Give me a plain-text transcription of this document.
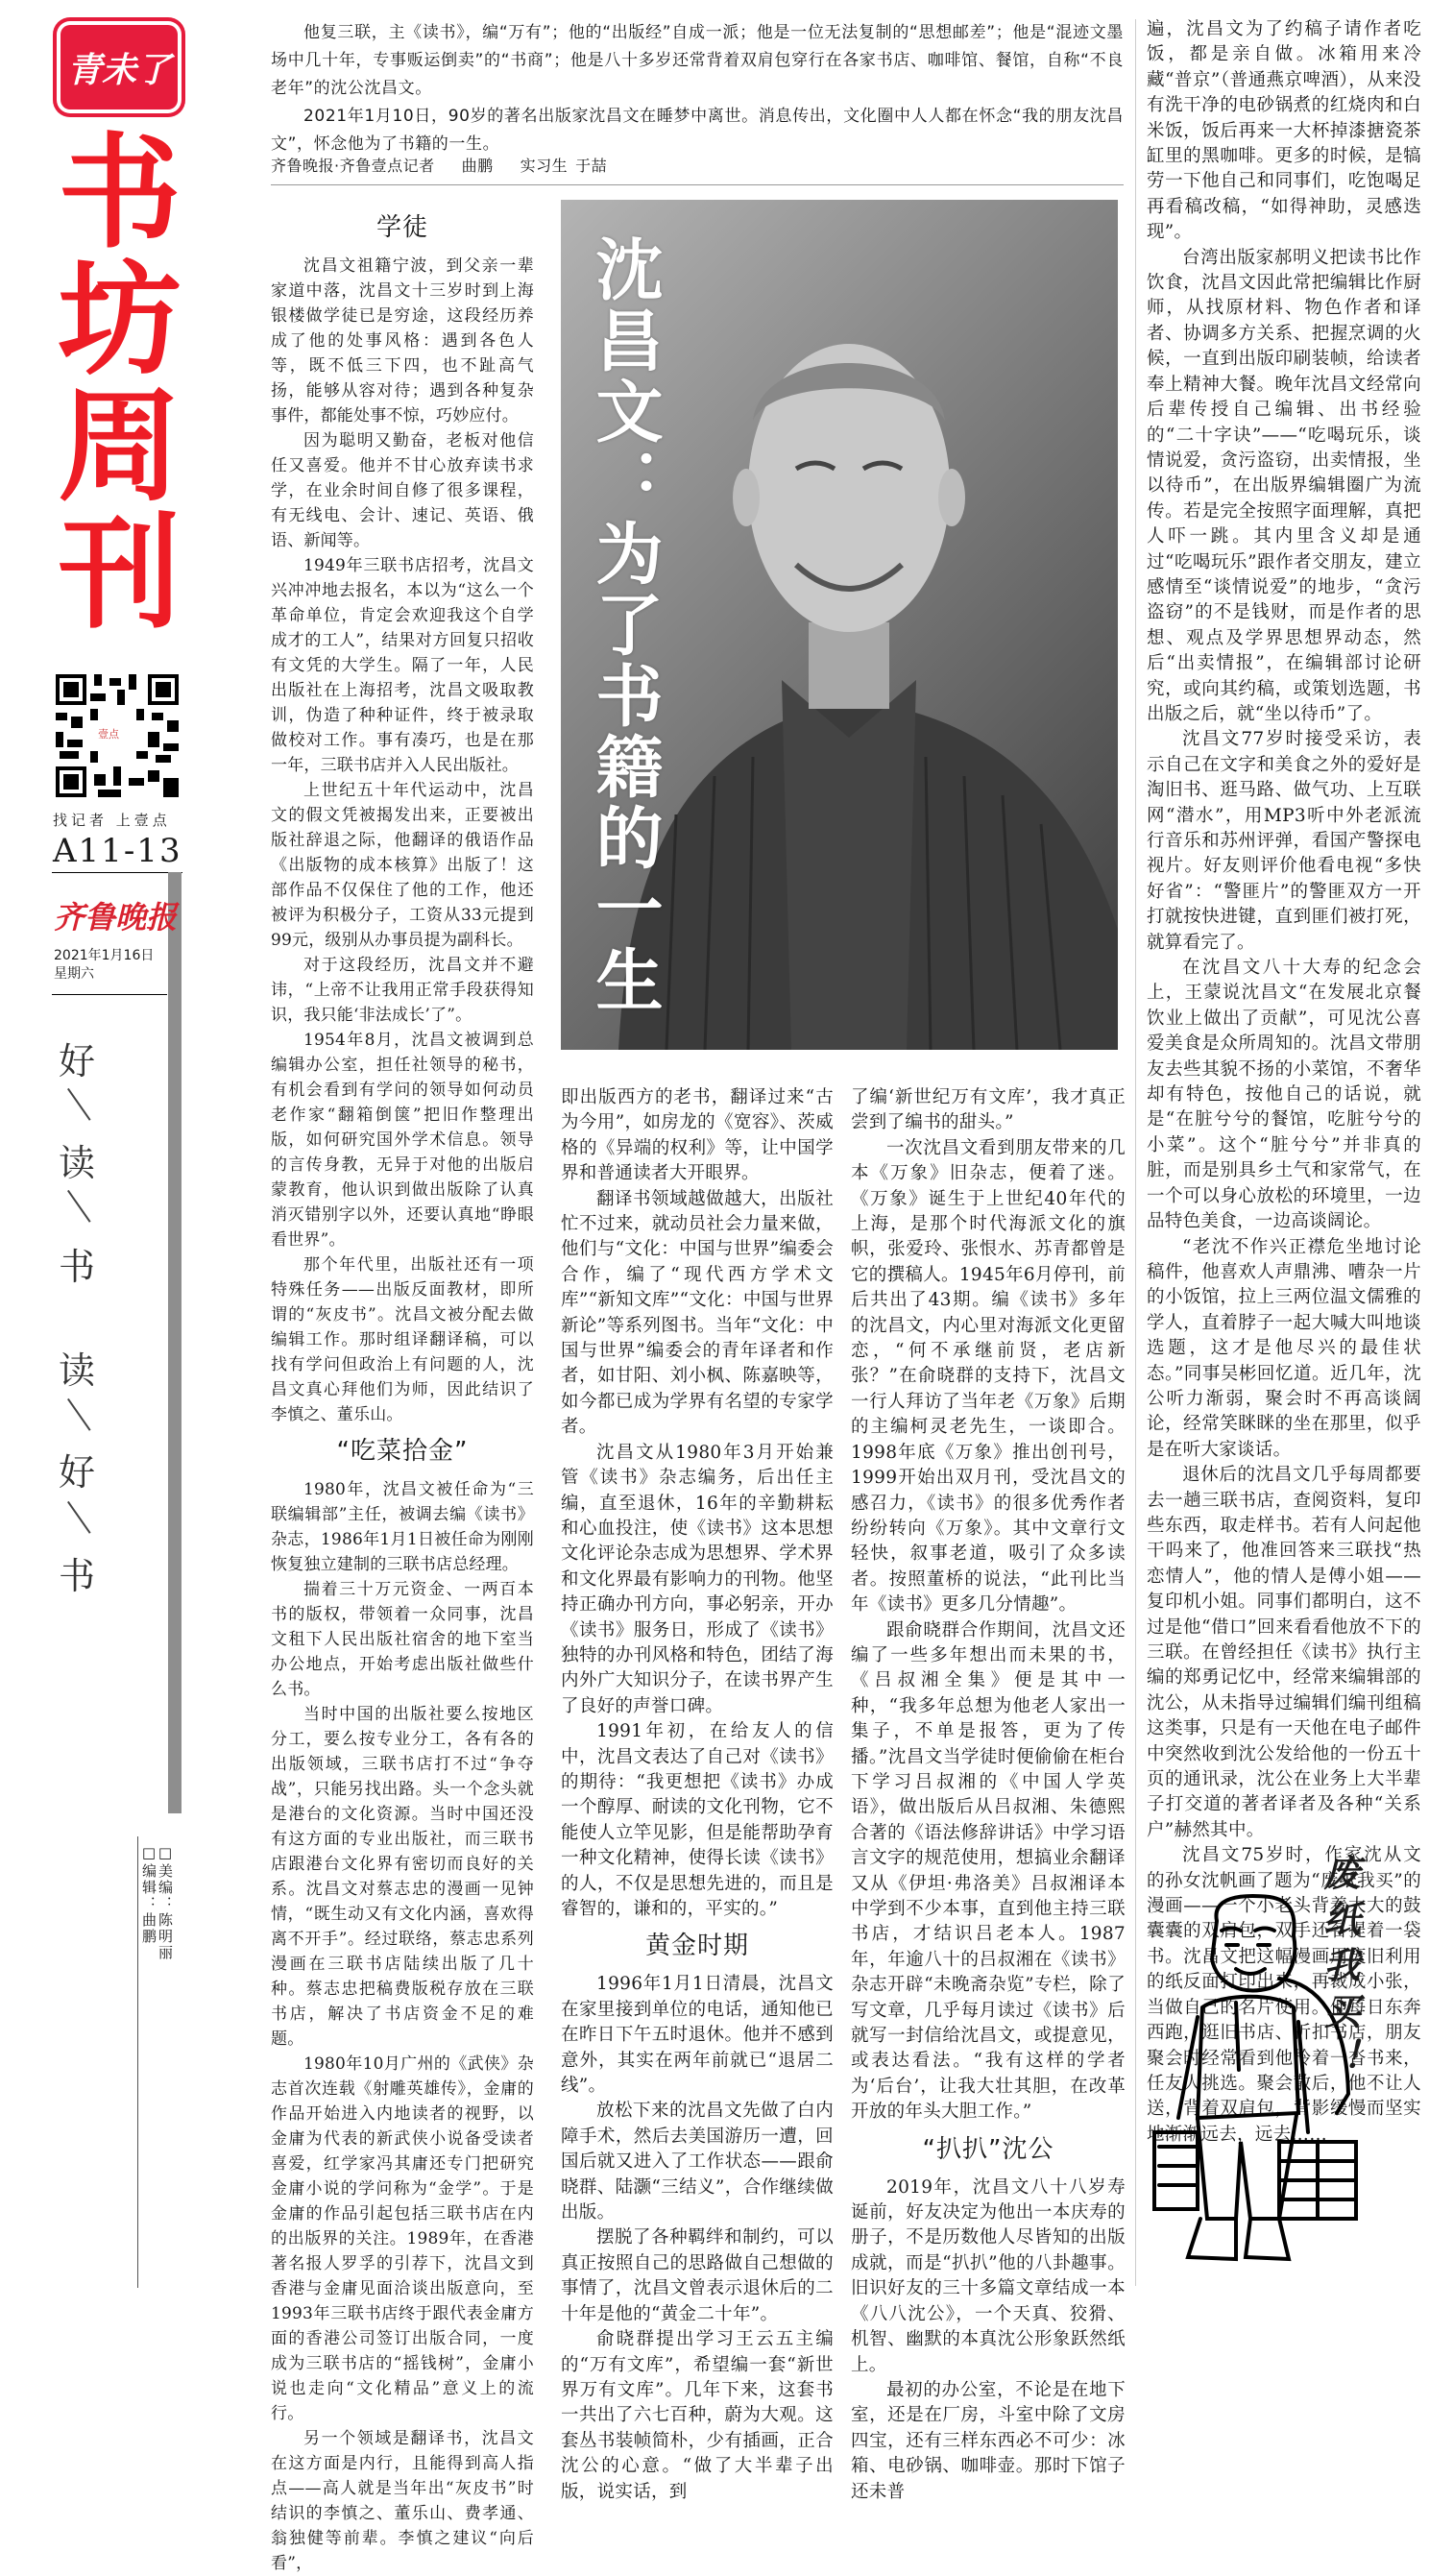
青未了
书
坊
周
刊
壹点
找记者 上壹点
A11-13
齐鲁晚报
2021年1月16日
星期六
好
读
书
读
好
书
□美编：陈明丽
□编辑：曲鹏

他复三联，主《读书》，编“万有”；他的“出版经”自成一派；他是一位无法复制的“思想邮差”；他是“混迹文墨场中几十年，专事贩运倒卖”的“书商”；他是八十多岁还常背着双肩包穿行在各家书店、咖啡馆、餐馆，自称“不良老年”的沈公沈昌文。

2021年1月10日，90岁的著名出版家沈昌文在睡梦中离世。消息传出，文化圈中人人都在怀念“我的朋友沈昌文”，怀念他为了书籍的一生。

齐鲁晚报·齐鲁壹点记者 曲鹏 实习生 于喆
沈昌文：为了书籍的一生
学徒

沈昌文祖籍宁波，到父亲一辈家道中落，沈昌文十三岁时到上海银楼做学徒已是穷途，这段经历养成了他的处事风格：遇到各色人等，既不低三下四，也不趾高气扬，能够从容对待；遇到各种复杂事件，都能处事不惊，巧妙应付。

因为聪明又勤奋，老板对他信任又喜爱。他并不甘心放弃读书求学，在业余时间自修了很多课程，有无线电、会计、速记、英语、俄语、新闻等。

1949年三联书店招考，沈昌文兴冲冲地去报名，本以为“这么一个革命单位，肯定会欢迎我这个自学成才的工人”，结果对方回复只招收有文凭的大学生。隔了一年，人民出版社在上海招考，沈昌文吸取教训，伪造了种种证件，终于被录取做校对工作。事有凑巧，也是在那一年，三联书店并入人民出版社。

上世纪五十年代运动中，沈昌文的假文凭被揭发出来，正要被出版社辞退之际，他翻译的俄语作品《出版物的成本核算》出版了！这部作品不仅保住了他的工作，他还被评为积极分子，工资从33元提到99元，级别从办事员提为副科长。

对于这段经历，沈昌文并不避讳，“上帝不让我用正常手段获得知识，我只能‘非法成长’了”。

1954年8月，沈昌文被调到总编辑办公室，担任社领导的秘书，有机会看到有学问的领导如何动员老作家“翻箱倒箧”把旧作整理出版，如何研究国外学术信息。领导的言传身教，无异于对他的出版启蒙教育，他认识到做出版除了认真消灭错别字以外，还要认真地“睁眼看世界”。

那个年代里，出版社还有一项特殊任务——出版反面教材，即所谓的“灰皮书”。沈昌文被分配去做编辑工作。那时组译翻译稿，可以找有学问但政治上有问题的人，沈昌文真心拜他们为师，因此结识了李慎之、董乐山。

“吃菜拾金”

1980年，沈昌文被任命为“三联编辑部”主任，被调去编《读书》杂志，1986年1月1日被任命为刚刚恢复独立建制的三联书店总经理。

揣着三十万元资金、一两百本书的版权，带领着一众同事，沈昌文租下人民出版社宿舍的地下室当办公地点，开始考虑出版社做些什么书。

当时中国的出版社要么按地区分工，要么按专业分工，各有各的出版领域，三联书店打不过“争夺战”，只能另找出路。头一个念头就是港台的文化资源。当时中国还没有这方面的专业出版社，而三联书店跟港台文化界有密切而良好的关系。沈昌文对蔡志忠的漫画一见钟情，“既生动又有文化内涵，喜欢得离不开手”。经过联络，蔡志忠系列漫画在三联书店陆续出版了几十种。蔡志忠把稿费版税存放在三联书店，解决了书店资金不足的难题。

1980年10月广州的《武侠》杂志首次连载《射雕英雄传》，金庸的作品开始进入内地读者的视野，以金庸为代表的新武侠小说备受读者喜爱，红学家冯其庸还专门把研究金庸小说的学问称为“金学”。于是金庸的作品引起包括三联书店在内的出版界的关注。1989年，在香港著名报人罗孚的引荐下，沈昌文到香港与金庸见面洽谈出版意向，至1993年三联书店终于跟代表金庸方面的香港公司签订出版合同，一度成为三联书店的“摇钱树”，金庸小说也走向“文化精品”意义上的流行。

另一个领域是翻译书，沈昌文在这方面是内行，且能得到高人指点——高人就是当年出“灰皮书”时结识的李慎之、董乐山、费孝通、翁独健等前辈。李慎之建议“向后看”，

即出版西方的老书，翻译过来“古为今用”，如房龙的《宽容》、茨威格的《异端的权利》等，让中国学界和普通读者大开眼界。

翻译书领域越做越大，出版社忙不过来，就动员社会力量来做，他们与“文化：中国与世界”编委会合作，编了“现代西方学术文库”“新知文库”“文化：中国与世界新论”等系列图书。当年“文化：中国与世界”编委会的青年译者和作者，如甘阳、刘小枫、陈嘉映等，如今都已成为学界有名望的专家学者。

沈昌文从1980年3月开始兼管《读书》杂志编务，后出任主编，直至退休，16年的辛勤耕耘和心血投注，使《读书》这本思想文化评论杂志成为思想界、学术界和文化界最有影响力的刊物。他坚持正确办刊方向，事必躬亲，开办《读书》服务日，形成了《读书》独特的办刊风格和特色，团结了海内外广大知识分子，在读书界产生了良好的声誉口碑。

1991年初，在给友人的信中，沈昌文表达了自己对《读书》的期待：“我更想把《读书》办成一个醇厚、耐读的文化刊物，它不能使人立竿见影，但是能帮助孕育一种文化精神，使得长读《读书》的人，不仅是思想先进的，而且是睿智的，谦和的，平实的。”

黄金时期

1996年1月1日清晨，沈昌文在家里接到单位的电话，通知他已在昨日下午五时退休。他并不感到意外，其实在两年前就已“退居二线”。

放松下来的沈昌文先做了白内障手术，然后去美国游历一遭，回国后就又进入了工作状态——跟俞晓群、陆灏“三结义”，合作继续做出版。

摆脱了各种羁绊和制约，可以真正按照自己的思路做自己想做的事情了，沈昌文曾表示退休后的二十年是他的“黄金二十年”。

俞晓群提出学习王云五主编的“万有文库”，希望编一套“新世界万有文库”。几年下来，这套书一共出了六七百种，蔚为大观。这套丛书装帧简朴，少有插画，正合沈公的心意。“做了大半辈子出版，说实话，到

了编‘新世纪万有文库’，我才真正尝到了编书的甜头。”

一次沈昌文看到朋友带来的几本《万象》旧杂志，便着了迷。《万象》诞生于上世纪40年代的上海，是那个时代海派文化的旗帜，张爱玲、张恨水、苏青都曾是它的撰稿人。1945年6月停刊，前后共出了43期。编《读书》多年的沈昌文，内心里对海派文化更留恋，“何不承继前贤，老店新张？”在俞晓群的支持下，沈昌文一行人拜访了当年老《万象》后期的主编柯灵老先生，一谈即合。1998年底《万象》推出创刊号，1999开始出双月刊，受沈昌文的感召力，《读书》的很多优秀作者纷纷转向《万象》。其中文章行文轻快，叙事老道，吸引了众多读者。按照董桥的说法，“此刊比当年《读书》更多几分情趣”。

跟俞晓群合作期间，沈昌文还编了一些多年想出而未果的书，《吕叔湘全集》便是其中一种，“我多年总想为他老人家出一集子，不单是报答，更为了传播。”沈昌文当学徒时便偷偷在柜台下学习吕叔湘的《中国人学英语》，做出版后从吕叔湘、朱德熙合著的《语法修辞讲话》中学习语言文字的规范使用，想搞业余翻译又从《伊坦·弗洛美》吕叔湘译本中学到不少本事，直到他主持三联书店，才结识吕老本人。1987年，年逾八十的吕叔湘在《读书》杂志开辟“未晚斋杂览”专栏，除了写文章，几乎每月读过《读书》后就写一封信给沈昌文，或提意见，或表达看法。“我有这样的学者为‘后台’，让我大壮其胆，在改革开放的年头大胆工作。”

“扒扒”沈公

2019年，沈昌文八十八岁寿诞前，好友决定为他出一本庆寿的册子，不是历数他人尽皆知的出版成就，而是“扒扒”他的八卦趣事。旧识好友的三十多篇文章结成一本《八八沈公》，一个天真、狡猾、机智、幽默的本真沈公形象跃然纸上。

最初的办公室，不论是在地下室，还是在厂房，斗室中除了文房四宝，还有三样东西必不可少：冰箱、电砂锅、咖啡壶。那时下馆子还未普

遍，沈昌文为了约稿子请作者吃饭，都是亲自做。冰箱用来冷藏“普京”（普通燕京啤酒），从来没有洗干净的电砂锅煮的红烧肉和白米饭，饭后再来一大杯掉漆搪瓷茶缸里的黑咖啡。更多的时候，是犒劳一下他自己和同事们，吃饱喝足再看稿改稿，“如得神助，灵感迭现”。

台湾出版家郝明义把读书比作饮食，沈昌文因此常把编辑比作厨师，从找原材料、物色作者和译者、协调多方关系、把握烹调的火候，一直到出版印刷装帧，给读者奉上精神大餐。晚年沈昌文经常向后辈传授自己编辑、出书经验的“二十字诀”——“吃喝玩乐，谈情说爱，贪污盗窃，出卖情报，坐以待币”，在出版界编辑圈广为流传。若是完全按照字面理解，真把人吓一跳。其内里含义却是通过“吃喝玩乐”跟作者交朋友，建立感情至“谈情说爱”的地步，“贪污盗窃”的不是钱财，而是作者的思想、观点及学界思想界动态，然后“出卖情报”，在编辑部讨论研究，或向其约稿，或策划选题，书出版之后，就“坐以待币”了。

沈昌文77岁时接受采访，表示自己在文字和美食之外的爱好是淘旧书、逛马路、做气功、上互联网“潜水”，用MP3听中外老派流行音乐和苏州评弹，看国产警探电视片。好友则评价他看电视“多快好省”：“警匪片”的警匪双方一开打就按快进键，直到匪们被打死，就算看完了。

在沈昌文八十大寿的纪念会上，王蒙说沈昌文“在发展北京餐饮业上做出了贡献”，可见沈公喜爱美食是众所周知的。沈昌文带朋友去些其貌不扬的小菜馆，不奢华却有特色，按他自己的话说，就是“在脏兮兮的餐馆，吃脏兮兮的小菜”。这个“脏兮兮”并非真的脏，而是别具乡土气和家常气，在一个可以身心放松的环境里，一边品特色美食，一边高谈阔论。

“老沈不作兴正襟危坐地讨论稿件，他喜欢人声鼎沸、嘈杂一片的小饭馆，拉上三两位温文儒雅的学人，直着脖子一起大喊大叫地谈选题，这才是他尽兴的最佳状态。”同事吴彬回忆道。近几年，沈公听力渐弱，聚会时不再高谈阔论，经常笑眯眯的坐在那里，似乎是在听大家谈话。

退休后的沈昌文几乎每周都要去一趟三联书店，查阅资料，复印些东西，取走样书。若有人问起他干吗来了，他准回答来三联找“热恋情人”，他的情人是傅小姐——复印机小姐。同事们都明白，这不过是他“借口”回来看看他放不下的三联。在曾经担任《读书》执行主编的郑勇记忆中，经常来编辑部的沈公，从未指导过编辑们编刊组稿这类事，只是有一天他在电子邮件中突然收到沈公发给他的一份五十页的通讯录，沈公在业务上大半辈子打交道的著者译者及各种“关系户”赫然其中。

沈昌文75岁时，作家沈从文的孙女沈帆画了题为“废纸我买”的漫画——一个小老头背着大大的鼓囊囊的双肩包，双手还各提着一袋书。沈昌文把这幅漫画用废旧利用的纸反面打印出来，再裁成小张，当做自己的名片使用。他每日东奔西跑，逛旧书店、折扣书店，朋友聚会时经常看到他拎着一沓书来，任友人挑选。聚会散后，他不让人送，背着双肩包，背影缓慢而坚实地渐渐远去，远去……

废纸我买！
